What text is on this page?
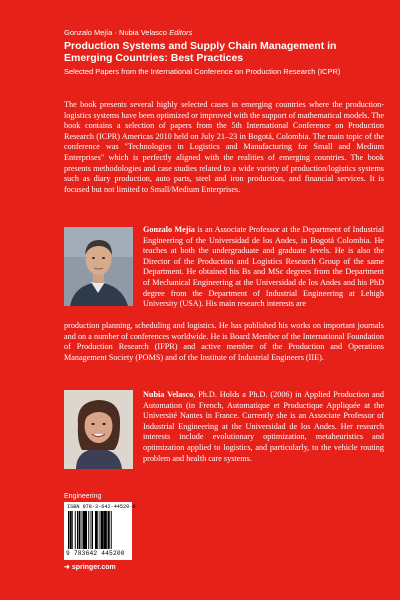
Gonzalo Mejía · Nubia Velasco Editors
Production Systems and Supply Chain Management in Emerging Countries: Best Practices
Selected Papers from the International Conference on Production Research (ICPR)
The book presents several highly selected cases in emerging countries where the production-logistics systems have been optimized or improved with the support of mathematical models. The book contains a selection of papers from the 5th International Conference on Production Research (ICPR) Americas 2010 held on July 21–23 in Bogotá, Colombia. The main topic of the conference was "Technologies in Logistics and Manufacturing for Small and Medium Enterprises" which is perfectly aligned with the realities of emerging countries. The book presents methodologies and case studies related to a wide variety of production/logistics systems such as diary production, auto parts, steel and iron production, and financial services. It is focused but not limited to Small/Medium Enterprises.
Gonzalo Mejía is an Associate Professor at the Department of Industrial Engineering of the Universidad de los Andes, in Bogotá Colombia. He teaches at both the undergraduate and graduate levels. He is also the Director of the Production and Logistics Research Group of the same Department. He obtained his Bs and MSc degrees from the Department of Mechanical Engineering at the Universidad de los Andes and his PhD degree from the Department of Industrial Engineering at Lehigh University (USA). His main research interests are
production planning, scheduling and logistics. He has published his works on important journals and on a number of conferences worldwide. He is Board Member of the International Foundation of Production Research (IFPR) and active member of the Production and Operations Management Society (POMS) and of the Institute of Industrial Engineers (IIE).
Nubia Velasco, Ph.D. Holds a Ph.D. (2006) in Applied Production and Automation (in French, Automatique et Productique Appliquée at the Université Nantes in France. Currently she is an Associate Professor of Industrial Engineering at the Universidad de los Andes. Her research interests include evolutionary optimization, metaheuristics and optimization applied to logistics, and particularly, to the vehicle routing problem and health care systems.
Engineering
ISBN 978-3-642-44520-0
9 783642 445200
➜ springer.com
